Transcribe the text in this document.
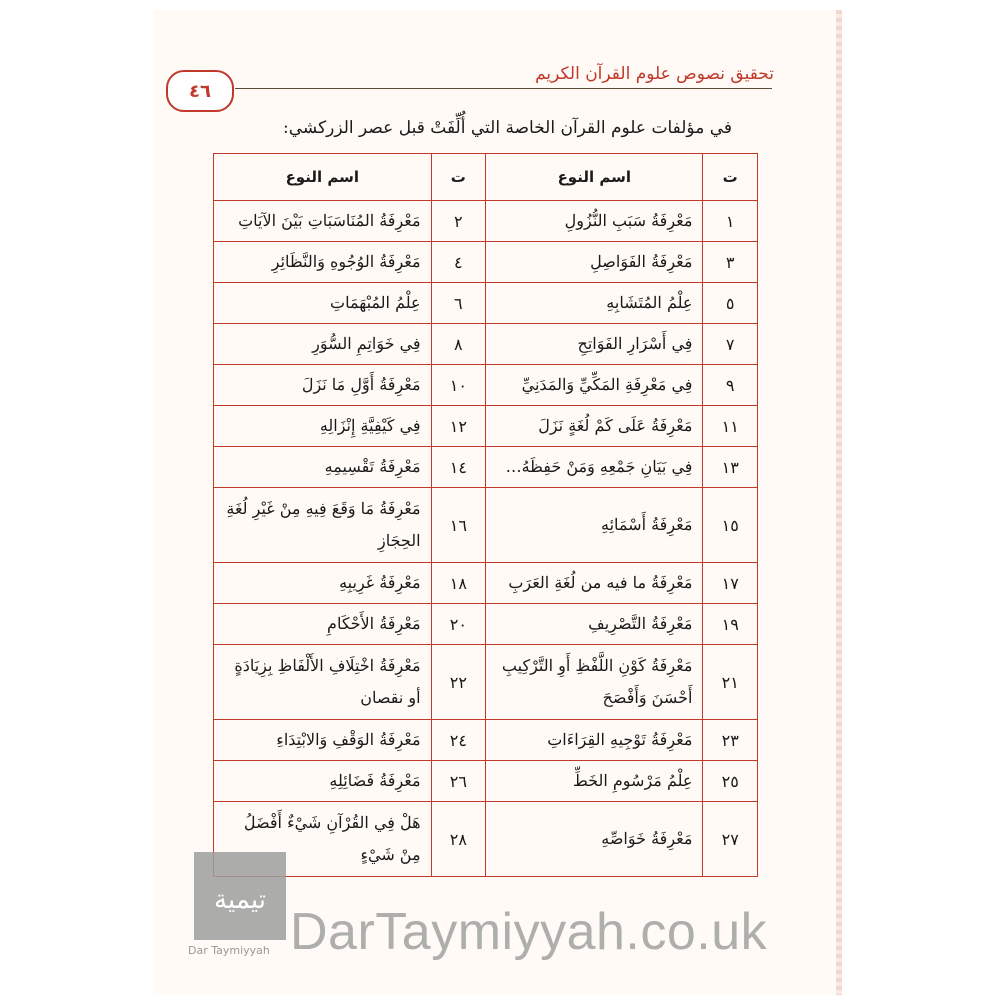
تحقيق نصوص علوم القرآن الكريم
٤٦
في مؤلفات علوم القرآن الخاصة التي أُلِّفَتْ قبل عصر الزركشي:
ت	اسم النوع	ت	اسم النوع
١	مَعْرِفَةُ سَبَبِ النُّزُولِ	٢	مَعْرِفَةُ المُنَاسَبَاتِ بَيْنَ الآيَاتِ
٣	مَعْرِفَةُ الفَوَاصِلِ	٤	مَعْرِفَةُ الوُجُوهِ وَالنَّظَائِرِ
٥	عِلْمُ المُتَشَابِهِ	٦	عِلْمُ المُبْهَمَاتِ
٧	فِي أَسْرَارِ الفَوَاتِحِ	٨	فِي خَوَاتِمِ السُّوَرِ
٩	فِي مَعْرِفَةِ المَكِّيِّ وَالمَدَنِيِّ	١٠	مَعْرِفَةُ أَوَّلِ مَا نَزَلَ
١١	مَعْرِفَةُ عَلَى كَمْ لُغَةٍ نَزَلَ	١٢	فِي كَيْفِيَّةِ إِنْزَالِهِ
١٣	فِي بَيَانِ جَمْعِهِ وَمَنْ حَفِظَهُ…	١٤	مَعْرِفَةُ تَقْسِيمِهِ
١٥	مَعْرِفَةُ أَسْمَائِهِ	١٦	مَعْرِفَةُ مَا وَقَعَ فِيهِ مِنْ غَيْرِ لُغَةِ الحِجَازِ
١٧	مَعْرِفَةُ ما فيه من لُغَةِ العَرَبِ	١٨	مَعْرِفَةُ غَرِيبِهِ
١٩	مَعْرِفَةُ التَّصْرِيفِ	٢٠	مَعْرِفَةُ الأَحْكَامِ
٢١	مَعْرِفَةُ كَوْنِ اللَّفْظِ أَوِ التَّرْكِيبِ أَحْسَنَ وَأَفْصَحَ	٢٢	مَعْرِفَةُ اخْتِلَافِ الأَلْفَاظِ بِزِيَادَةٍ أو نقصان
٢٣	مَعْرِفَةُ تَوْجِيهِ القِرَاءَاتِ	٢٤	مَعْرِفَةُ الوَقْفِ وَالابْتِدَاءِ
٢٥	عِلْمُ مَرْسُومِ الخَطِّ	٢٦	مَعْرِفَةُ فَضَائِلِهِ
٢٧	مَعْرِفَةُ خَوَاصِّهِ	٢٨	هَلْ فِي القُرْآنِ شَيْءٌ أَفْضَلُ مِنْ شَيْءٍ
تيمية
Dar Taymiyyah DarTaymiyyah.co.uk
